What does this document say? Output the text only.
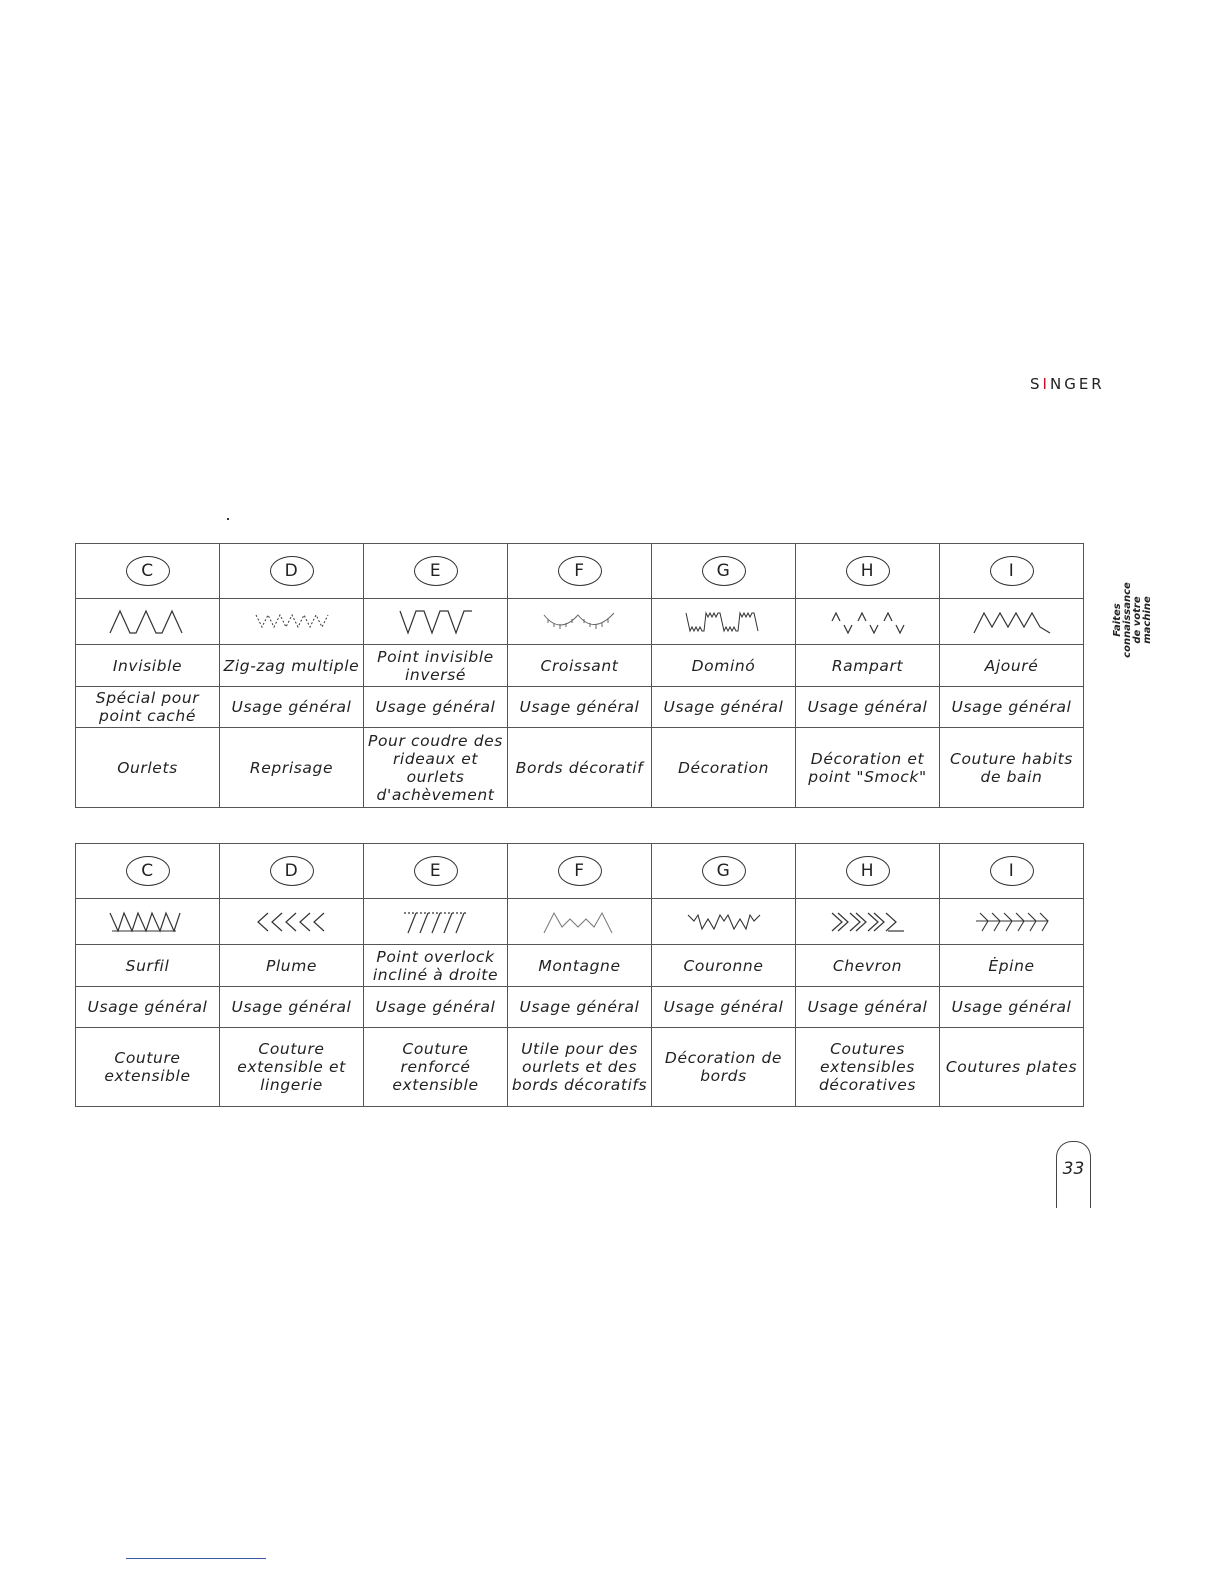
SINGER
Faites connaissance de votre machine
C	D	E	F	G	H	I

Invisible	Zig-zag multiple	Point invisible inversé	Croissant	Dominó	Rampart	Ajouré
Spécial pour point caché	Usage général	Usage général	Usage général	Usage général	Usage général	Usage général
Ourlets	Reprisage	Pour coudre des rideaux et ourlets d'achèvement	Bords décoratif	Décoration	Décoration et point "Smock"	Couture habits de bain
C	D	E	F	G	H	I

Surfil	Plume	Point overlock incliné à droite	Montagne	Couronne	Chevron	Ėpine
Usage général	Usage général	Usage général	Usage général	Usage général	Usage général	Usage général
Couture extensible	Couture extensible et lingerie	Couture renforcé extensible	Utile pour des ourlets et des bords décoratifs	Décoration de bords	Coutures extensibles décoratives	Coutures plates
33
